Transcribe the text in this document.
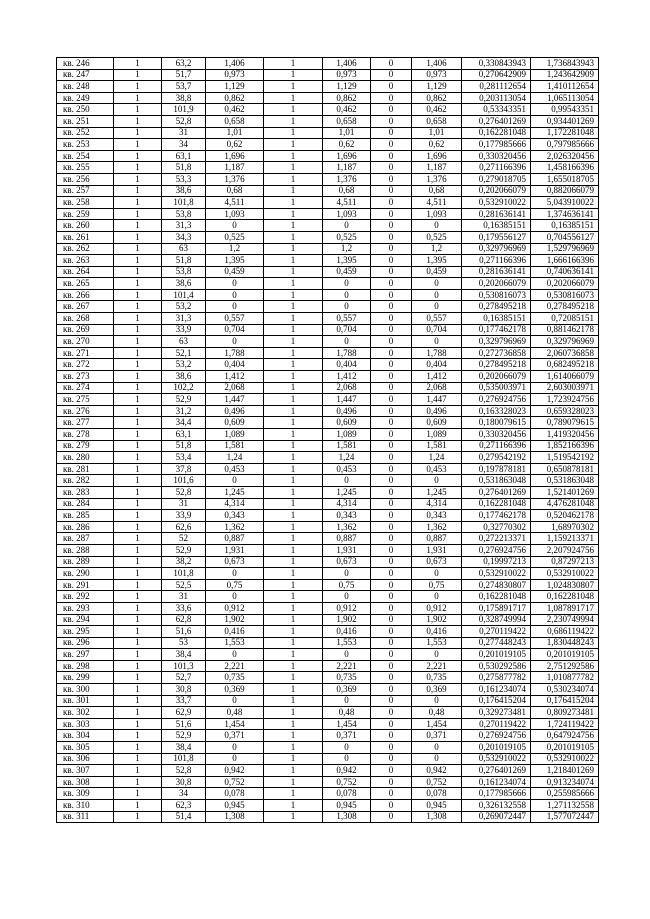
кв. 246	1	63,2	1,406	1	1,406	0	1,406	0,330843943	1,736843943
кв. 247	1	51,7	0,973	1	0,973	0	0,973	0,270642909	1,243642909
кв. 248	1	53,7	1,129	1	1,129	0	1,129	0,281112654	1,410112654
кв. 249	1	38,8	0,862	1	0,862	0	0,862	0,203113054	1,065113054
кв. 250	1	101,9	0,462	1	0,462	0	0,462	0,53343351	0,99543351
кв. 251	1	52,8	0,658	1	0,658	0	0,658	0,276401269	0,934401269
кв. 252	1	31	1,01	1	1,01	0	1,01	0,162281048	1,172281048
кв. 253	1	34	0,62	1	0,62	0	0,62	0,177985666	0,797985666
кв. 254	1	63,1	1,696	1	1,696	0	1,696	0,330320456	2,026320456
кв. 255	1	51,8	1,187	1	1,187	0	1,187	0,271166396	1,458166396
кв. 256	1	53,3	1,376	1	1,376	0	1,376	0,279018705	1,655018705
кв. 257	1	38,6	0,68	1	0,68	0	0,68	0,202066079	0,882066079
кв. 258	1	101,8	4,511	1	4,511	0	4,511	0,532910022	5,043910022
кв. 259	1	53,8	1,093	1	1,093	0	1,093	0,281636141	1,374636141
кв. 260	1	31,3	0	1	0	0	0	0,16385151	0,16385151
кв. 261	1	34,3	0,525	1	0,525	0	0,525	0,179556127	0,704556127
кв. 262	1	63	1,2	1	1,2	0	1,2	0,329796969	1,529796969
кв. 263	1	51,8	1,395	1	1,395	0	1,395	0,271166396	1,666166396
кв. 264	1	53,8	0,459	1	0,459	0	0,459	0,281636141	0,740636141
кв. 265	1	38,6	0	1	0	0	0	0,202066079	0,202066079
кв. 266	1	101,4	0	1	0	0	0	0,530816073	0,530816073
кв. 267	1	53,2	0	1	0	0	0	0,278495218	0,278495218
кв. 268	1	31,3	0,557	1	0,557	0	0,557	0,16385151	0,72085151
кв. 269	1	33,9	0,704	1	0,704	0	0,704	0,177462178	0,881462178
кв. 270	1	63	0	1	0	0	0	0,329796969	0,329796969
кв. 271	1	52,1	1,788	1	1,788	0	1,788	0,272736858	2,060736858
кв. 272	1	53,2	0,404	1	0,404	0	0,404	0,278495218	0,682495218
кв. 273	1	38,6	1,412	1	1,412	0	1,412	0,202066079	1,614066079
кв. 274	1	102,2	2,068	1	2,068	0	2,068	0,535003971	2,603003971
кв. 275	1	52,9	1,447	1	1,447	0	1,447	0,276924756	1,723924756
кв. 276	1	31,2	0,496	1	0,496	0	0,496	0,163328023	0,659328023
кв. 277	1	34,4	0,609	1	0,609	0	0,609	0,180079615	0,789079615
кв. 278	1	63,1	1,089	1	1,089	0	1,089	0,330320456	1,419320456
кв. 279	1	51,8	1,581	1	1,581	0	1,581	0,271166396	1,852166396
кв. 280	1	53,4	1,24	1	1,24	0	1,24	0,279542192	1,519542192
кв. 281	1	37,8	0,453	1	0,453	0	0,453	0,197878181	0,650878181
кв. 282	1	101,6	0	1	0	0	0	0,531863048	0,531863048
кв. 283	1	52,8	1,245	1	1,245	0	1,245	0,276401269	1,521401269
кв. 284	1	31	4,314	1	4,314	0	4,314	0,162281048	4,476281048
кв. 285	1	33,9	0,343	1	0,343	0	0,343	0,177462178	0,520462178
кв. 286	1	62,6	1,362	1	1,362	0	1,362	0,32770302	1,68970302
кв. 287	1	52	0,887	1	0,887	0	0,887	0,272213371	1,159213371
кв. 288	1	52,9	1,931	1	1,931	0	1,931	0,276924756	2,207924756
кв. 289	1	38,2	0,673	1	0,673	0	0,673	0,19997213	0,87297213
кв. 290	1	101,8	0	1	0	0	0	0,532910022	0,532910022
кв. 291	1	52,5	0,75	1	0,75	0	0,75	0,274830807	1,024830807
кв. 292	1	31	0	1	0	0	0	0,162281048	0,162281048
кв. 293	1	33,6	0,912	1	0,912	0	0,912	0,175891717	1,087891717
кв. 294	1	62,8	1,902	1	1,902	0	1,902	0,328749994	2,230749994
кв. 295	1	51,6	0,416	1	0,416	0	0,416	0,270119422	0,686119422
кв. 296	1	53	1,553	1	1,553	0	1,553	0,277448243	1,830448243
кв. 297	1	38,4	0	1	0	0	0	0,201019105	0,201019105
кв. 298	1	101,3	2,221	1	2,221	0	2,221	0,530292586	2,751292586
кв. 299	1	52,7	0,735	1	0,735	0	0,735	0,275877782	1,010877782
кв. 300	1	30,8	0,369	1	0,369	0	0,369	0,161234074	0,530234074
кв. 301	1	33,7	0	1	0	0	0	0,176415204	0,176415204
кв. 302	1	62,9	0,48	1	0,48	0	0,48	0,329273481	0,809273481
кв. 303	1	51,6	1,454	1	1,454	0	1,454	0,270119422	1,724119422
кв. 304	1	52,9	0,371	1	0,371	0	0,371	0,276924756	0,647924756
кв. 305	1	38,4	0	1	0	0	0	0,201019105	0,201019105
кв. 306	1	101,8	0	1	0	0	0	0,532910022	0,532910022
кв. 307	1	52,8	0,942	1	0,942	0	0,942	0,276401269	1,218401269
кв. 308	1	30,8	0,752	1	0,752	0	0,752	0,161234074	0,913234074
кв. 309	1	34	0,078	1	0,078	0	0,078	0,177985666	0,255985666
кв. 310	1	62,3	0,945	1	0,945	0	0,945	0,326132558	1,271132558
кв. 311	1	51,4	1,308	1	1,308	0	1,308	0,269072447	1,577072447
